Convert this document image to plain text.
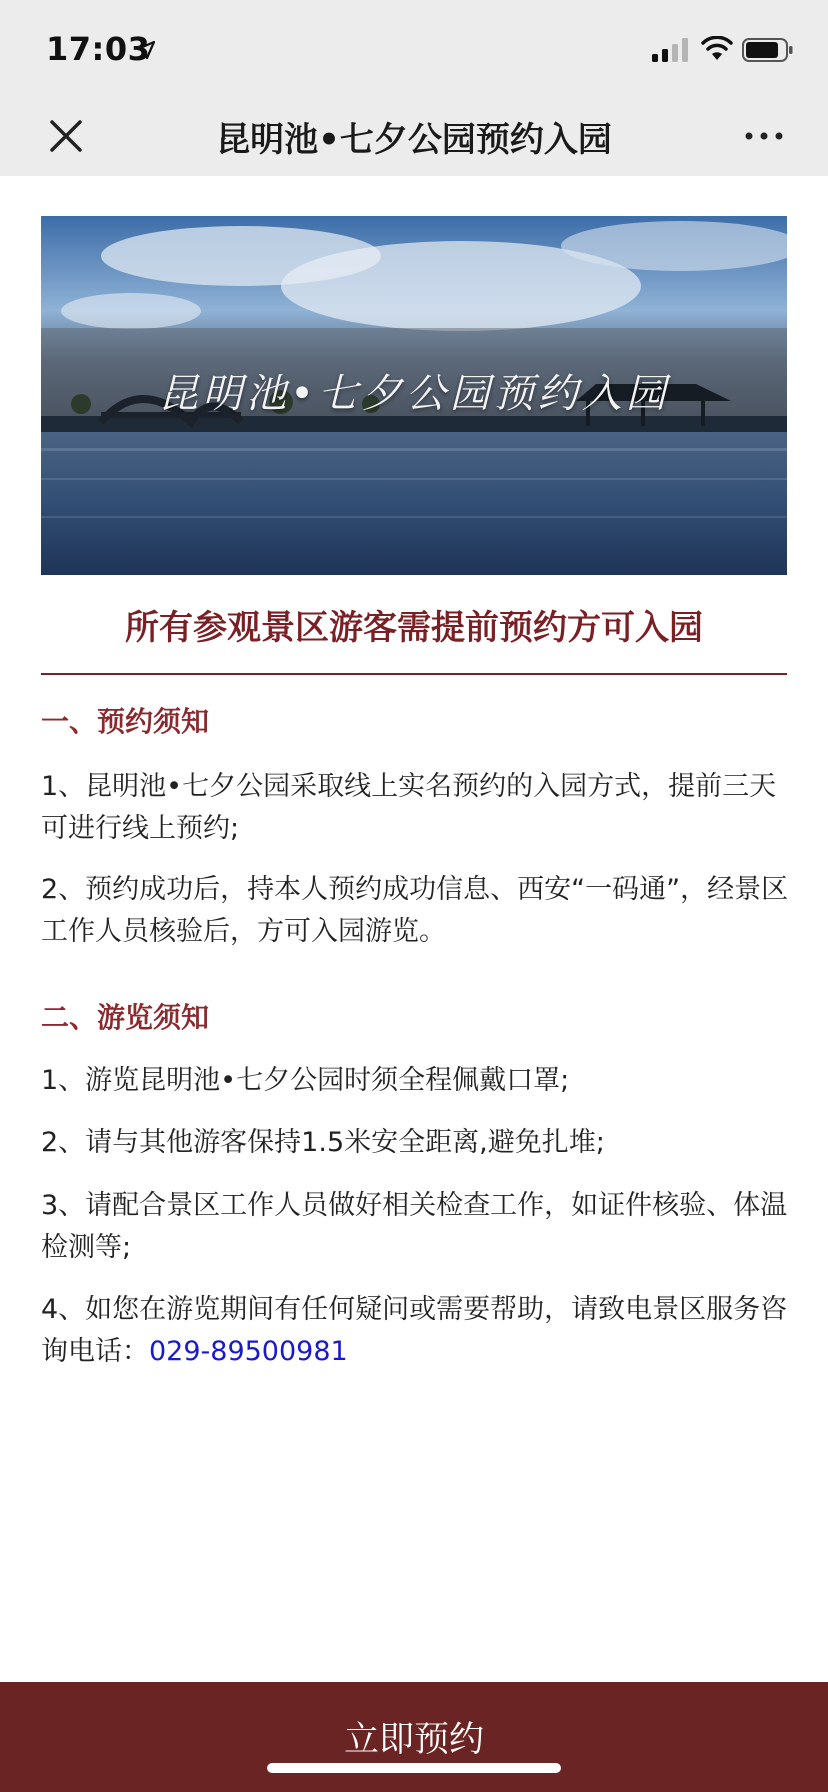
17:03
昆明池•七夕公园预约入园
昆明池•七夕公园预约入园
所有参观景区游客需提前预约方可入园
一、预约须知
1、昆明池•七夕公园采取线上实名预约的入园方式，提前三天可进行线上预约;
2、预约成功后，持本人预约成功信息、西安“一码通”，经景区工作人员核验后，方可入园游览。
二、游览须知
1、游览昆明池•七夕公园时须全程佩戴口罩;
2、请与其他游客保持1.5米安全距离,避免扎堆;
3、请配合景区工作人员做好相关检查工作，如证件核验、体温检测等;
4、如您在游览期间有任何疑问或需要帮助，请致电景区服务咨询电话：029-89500981
立即预约
